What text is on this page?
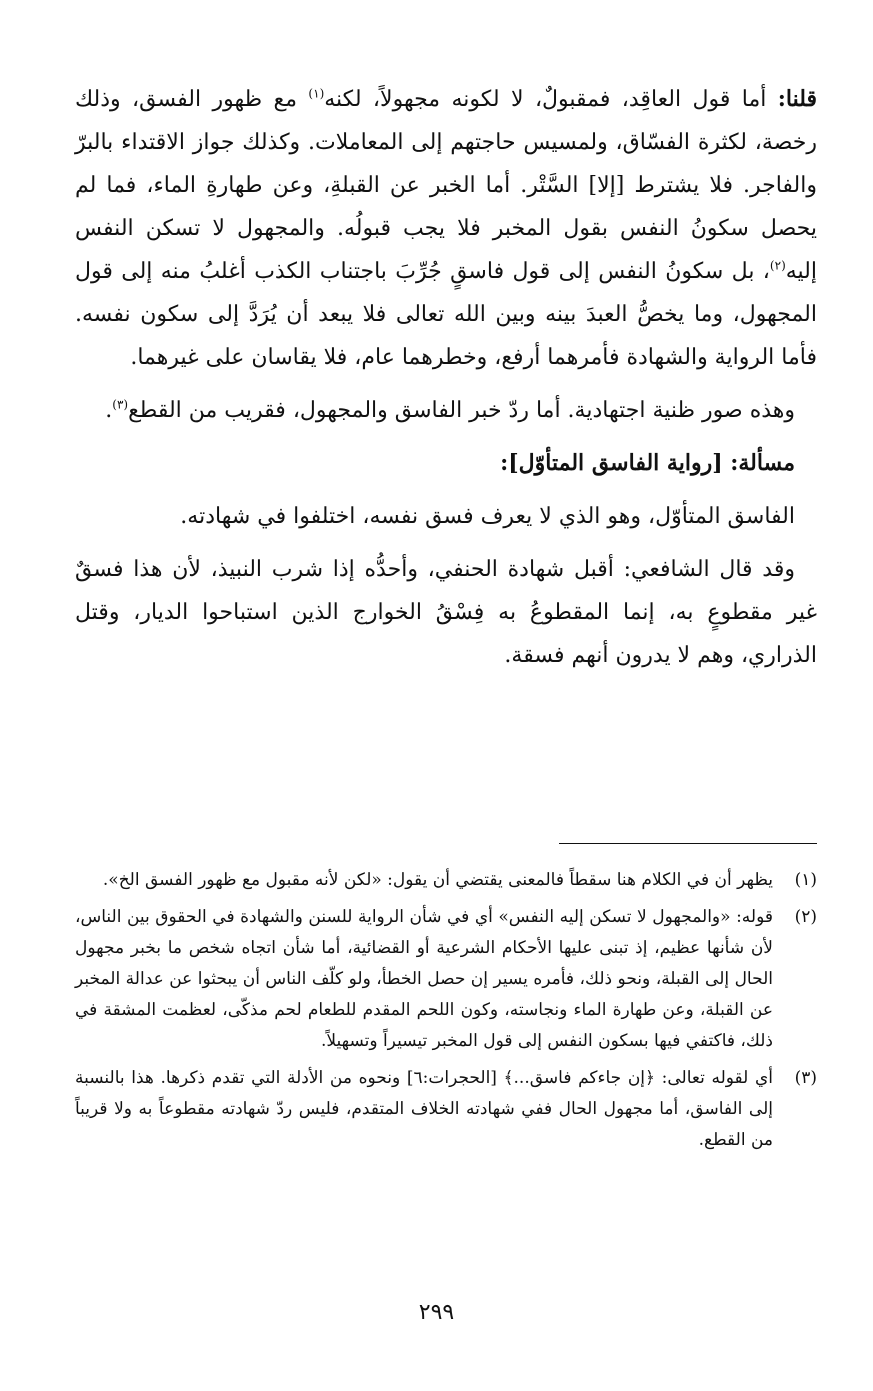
قلنا: أما قول العاقِد، فمقبولٌ، لا لكونه مجهولاً، لكنه$^{(١)}$ مع ظهور الفسق، وذلك رخصة، لكثرة الفسّاق، ولمسيس حاجتهم إلى المعاملات. وكذلك جواز الاقتداء بالبرّ والفاجر. فلا يشترط [إلا] السَّتْر. أما الخبر عن القبلةِ، وعن طهارةِ الماء، فما لم يحصل سكونُ النفس بقول المخبر فلا يجب قبولُه. والمجهول لا تسكن النفس إليه$^{(٢)}$، بل سكونُ النفس إلى قول فاسقٍ جُرِّبَ باجتناب الكذب أغلبُ منه إلى قول المجهول، وما يخصُّ العبدَ بينه وبين الله تعالى فلا يبعد أن يُرَدَّ إلى سكون نفسه. فأما الرواية والشهادة فأمرهما أرفع، وخطرهما عام، فلا يقاسان على غيرهما.

وهذه صور ظنية اجتهادية. أما ردّ خبر الفاسق والمجهول، فقريب من القطع$^{(٣)}$.

مسألة: [رواية الفاسق المتأوّل]:

الفاسق المتأوّل، وهو الذي لا يعرف فسق نفسه، اختلفوا في شهادته.

وقد قال الشافعي: أقبل شهادة الحنفي، وأحدُّه إذا شرب النبيذ، لأن هذا فسقٌ غير مقطوعٍ به، إنما المقطوعُ به فِسْقُ الخوارج الذين استباحوا الديار، وقتل الذراري، وهم لا يدرون أنهم فسقة.

(١)
يظهر أن في الكلام هنا سقطاً فالمعنى يقتضي أن يقول: «لكن لأنه مقبول مع ظهور الفسق الخ».
(٢)
قوله: «والمجهول لا تسكن إليه النفس» أي في شأن الرواية للسنن والشهادة في الحقوق بين الناس، لأن شأنها عظيم، إذ تبنى عليها الأحكام الشرعية أو القضائية، أما شأن اتجاه شخص ما بخبر مجهول الحال إلى القبلة، ونحو ذلك، فأمره يسير إن حصل الخطأ، ولو كلّف الناس أن يبحثوا عن عدالة المخبر عن القبلة، وعن طهارة الماء ونجاسته، وكون اللحم المقدم للطعام لحم مذكّى، لعظمت المشقة في ذلك، فاكتفي فيها بسكون النفس إلى قول المخبر تيسيراً وتسهيلاً.
(٣)
أي لقوله تعالى: ﴿إن جاءكم فاسق...﴾ [الحجرات:٦] ونحوه من الأدلة التي تقدم ذكرها. هذا بالنسبة إلى الفاسق، أما مجهول الحال ففي شهادته الخلاف المتقدم، فليس ردّ شهادته مقطوعاً به ولا قريباً من القطع.
٢٩٩
